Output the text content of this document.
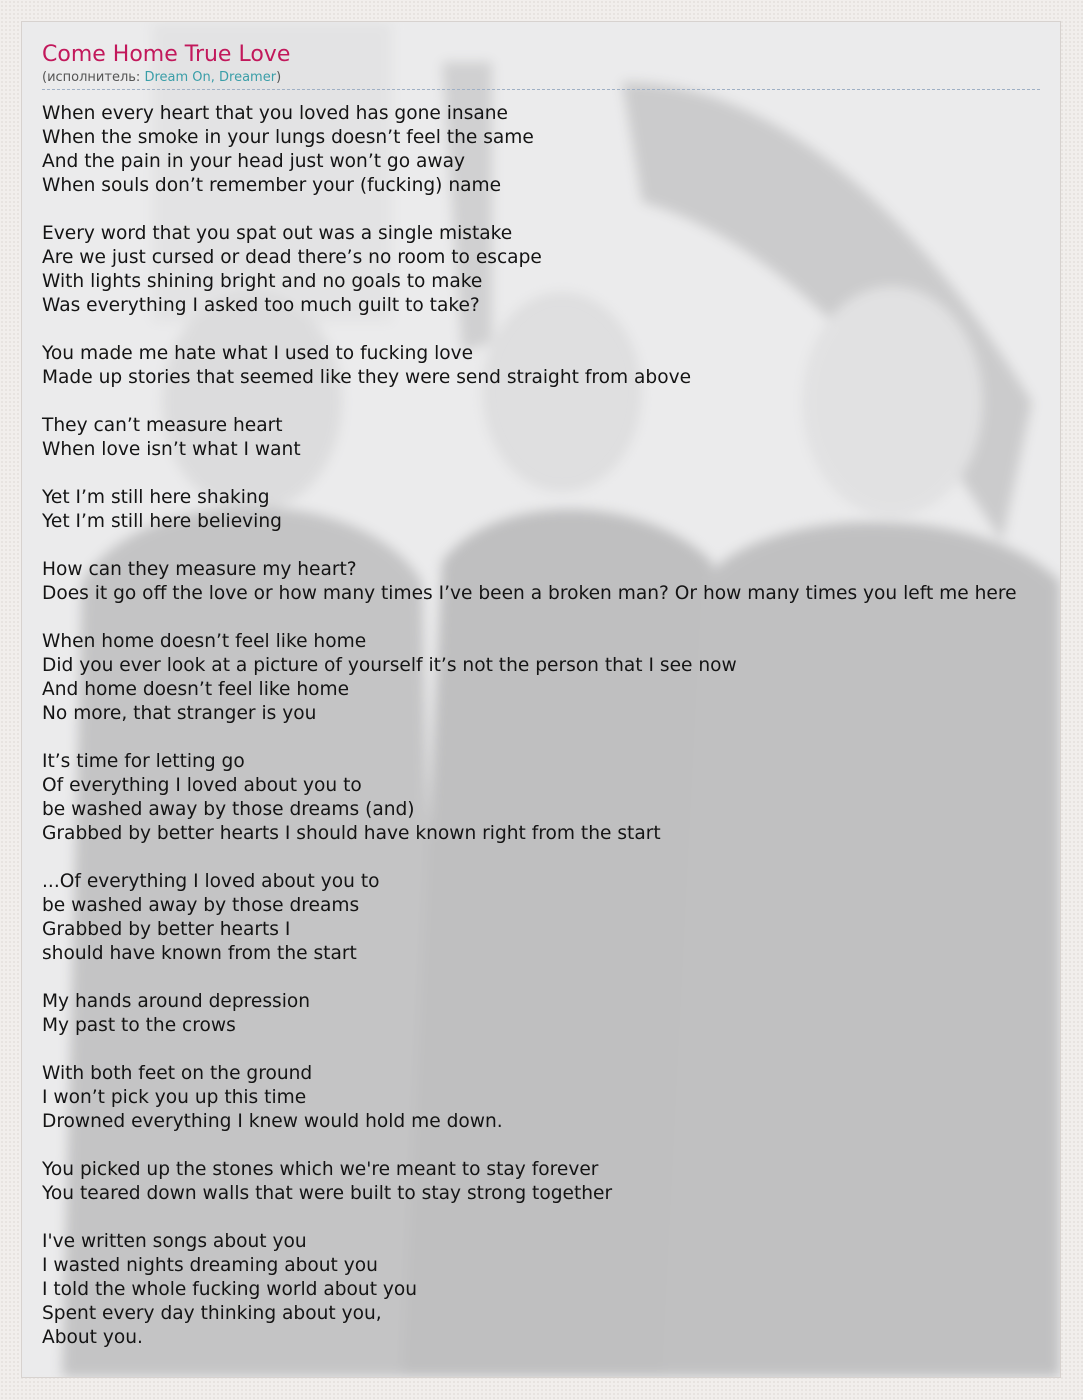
Come Home True Love
(исполнитель: Dream On, Dreamer)
When every heart that you loved has gone insane
When the smoke in your lungs doesn’t feel the same
And the pain in your head just won’t go away
When souls don’t remember your (fucking) name
Every word that you spat out was a single mistake
Are we just cursed or dead there’s no room to escape
With lights shining bright and no goals to make
Was everything I asked too much guilt to take?
You made me hate what I used to fucking love
Made up stories that seemed like they were send straight from above
They can’t measure heart
When love isn’t what I want
Yet I’m still here shaking
Yet I’m still here believing
How can they measure my heart?
Does it go off the love or how many times I’ve been a broken man? Or how many times you left me here
When home doesn’t feel like home
Did you ever look at a picture of yourself it’s not the person that I see now
And home doesn’t feel like home
No more, that stranger is you
It’s time for letting go
Of everything I loved about you to
be washed away by those dreams (and)
Grabbed by better hearts I should have known right from the start
...Of everything I loved about you to
be washed away by those dreams
Grabbed by better hearts I
should have known from the start
My hands around depression
My past to the crows
With both feet on the ground
I won’t pick you up this time
Drowned everything I knew would hold me down.
You picked up the stones which we're meant to stay forever
You teared down walls that were built to stay strong together
I've written songs about you
I wasted nights dreaming about you
I told the whole fucking world about you
Spent every day thinking about you,
About you.
